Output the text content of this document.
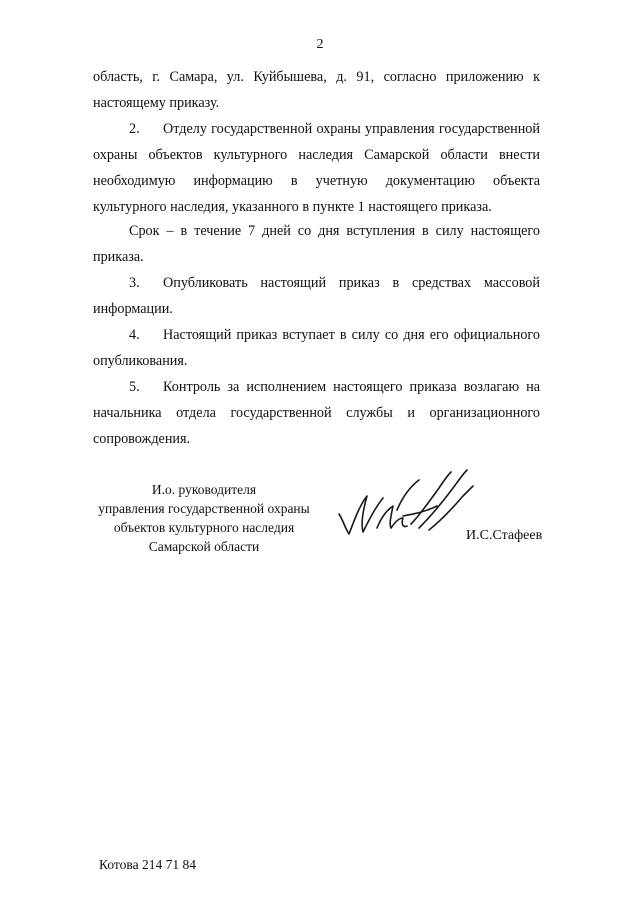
2
область, г. Самара, ул. Куйбышева, д. 91, согласно приложению к настоящему приказу.
2. Отделу государственной охраны управления государственной охраны объектов культурного наследия Самарской области внести необходимую информацию в учетную документацию объекта культурного наследия, указанного в пункте 1 настоящего приказа.
Срок – в течение 7 дней со дня вступления в силу настоящего приказа.
3. Опубликовать настоящий приказ в средствах массовой информации.
4. Настоящий приказ вступает в силу со дня его официального опубликования.
5. Контроль за исполнением настоящего приказа возлагаю на начальника отдела государственной службы и организационного сопровождения.
И.о. руководителя
управления государственной охраны
объектов культурного наследия
Самарской области
И.С.Стафеев
Котова 214 71 84
